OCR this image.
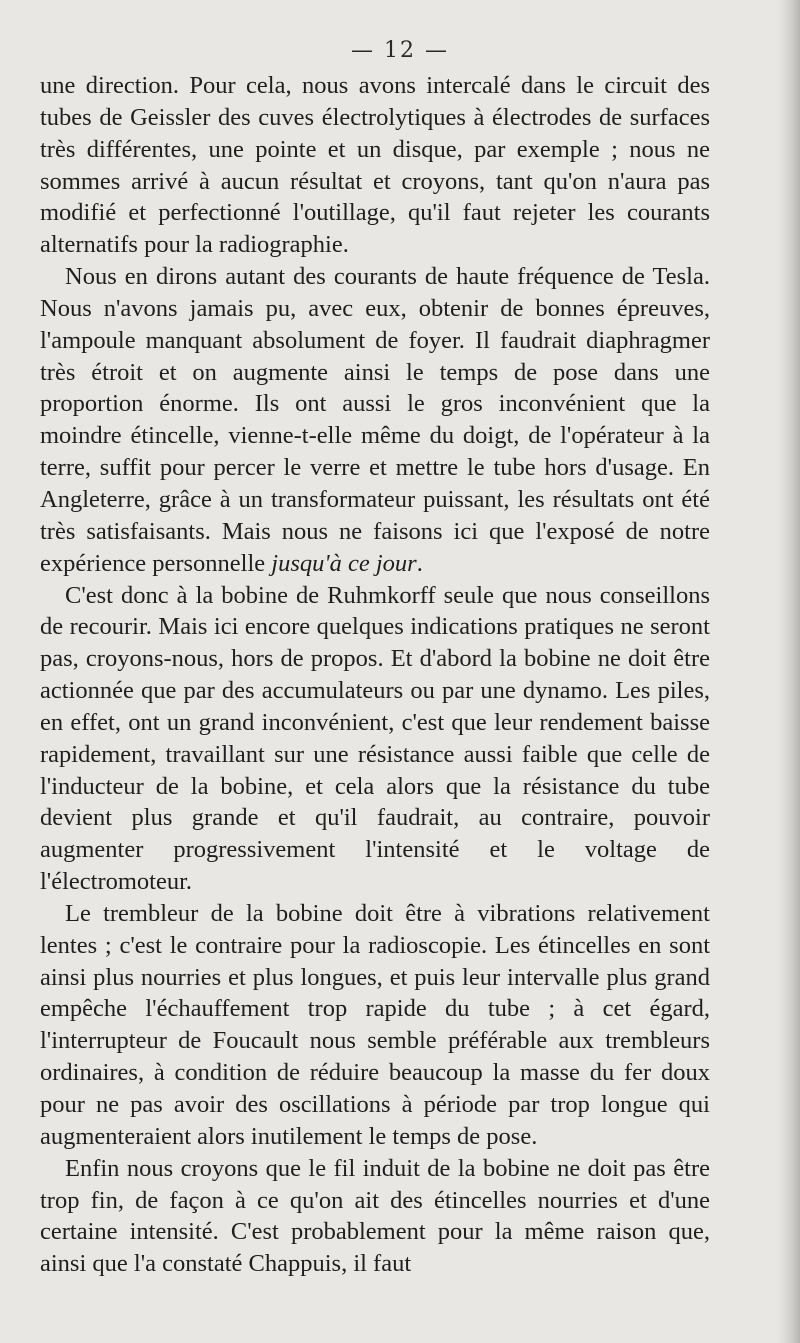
— 12 —

une direction. Pour cela, nous avons intercalé dans le circuit des tubes de Geissler des cuves électrolytiques à électrodes de surfaces très différentes, une pointe et un disque, par exemple ; nous ne sommes arrivé à aucun résultat et croyons, tant qu'on n'aura pas modifié et perfectionné l'outillage, qu'il faut rejeter les courants alternatifs pour la radiographie.

Nous en dirons autant des courants de haute fréquence de Tesla. Nous n'avons jamais pu, avec eux, obtenir de bonnes épreuves, l'ampoule manquant absolument de foyer. Il faudrait diaphragmer très étroit et on augmente ainsi le temps de pose dans une proportion énorme. Ils ont aussi le gros inconvénient que la moindre étincelle, vienne-t-elle même du doigt, de l'opérateur à la terre, suffit pour percer le verre et mettre le tube hors d'usage. En Angleterre, grâce à un transformateur puissant, les résultats ont été très satisfaisants. Mais nous ne faisons ici que l'exposé de notre expérience personnelle jusqu'à ce jour.

C'est donc à la bobine de Ruhmkorff seule que nous conseillons de recourir. Mais ici encore quelques indications pratiques ne seront pas, croyons-nous, hors de propos. Et d'abord la bobine ne doit être actionnée que par des accumulateurs ou par une dynamo. Les piles, en effet, ont un grand inconvénient, c'est que leur rendement baisse rapidement, travaillant sur une résistance aussi faible que celle de l'inducteur de la bobine, et cela alors que la résistance du tube devient plus grande et qu'il faudrait, au contraire, pouvoir augmenter progressivement l'intensité et le voltage de l'électromoteur.

Le trembleur de la bobine doit être à vibrations relativement lentes ; c'est le contraire pour la radioscopie. Les étincelles en sont ainsi plus nourries et plus longues, et puis leur intervalle plus grand empêche l'échauffement trop rapide du tube ; à cet égard, l'interrupteur de Foucault nous semble préférable aux trembleurs ordinaires, à condition de réduire beaucoup la masse du fer doux pour ne pas avoir des oscillations à période par trop longue qui augmenteraient alors inutilement le temps de pose.

Enfin nous croyons que le fil induit de la bobine ne doit pas être trop fin, de façon à ce qu'on ait des étincelles nourries et d'une certaine intensité. C'est probablement pour la même raison que, ainsi que l'a constaté Chappuis, il faut
